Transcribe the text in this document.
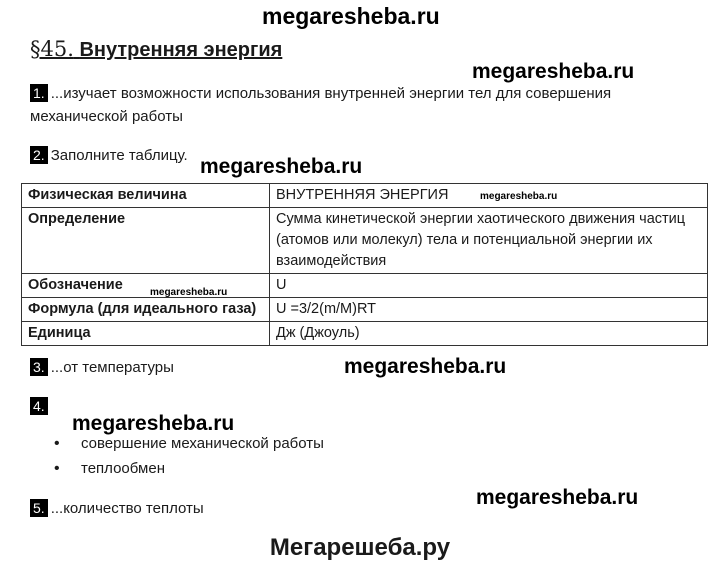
megaresheba.ru
§45. Внутренняя энергия
megaresheba.ru
1. ...изучает возможности использования внутренней энергии тел для совершения
механической работы
2. Заполните таблицу. megaresheba.ru
Физическая величина	ВНУТРЕННЯЯ ЭНЕРГИЯ
Определение	Сумма кинетической энергии хаотического движения частиц (атомов или молекул) тела и потенциальной энергии их взаимодействия
Обозначение	U
Формула (для идеального газа)	U =3/2(m/M)RT
Единица	Дж (Джоуль)
megaresheba.ru
megaresheba.ru
3. ...от температуры	megaresheba.ru
4.
megaresheba.ru
• совершение механической работы
• теплообмен
megaresheba.ru
5. ...количество теплоты
Мегарешеба.ру
